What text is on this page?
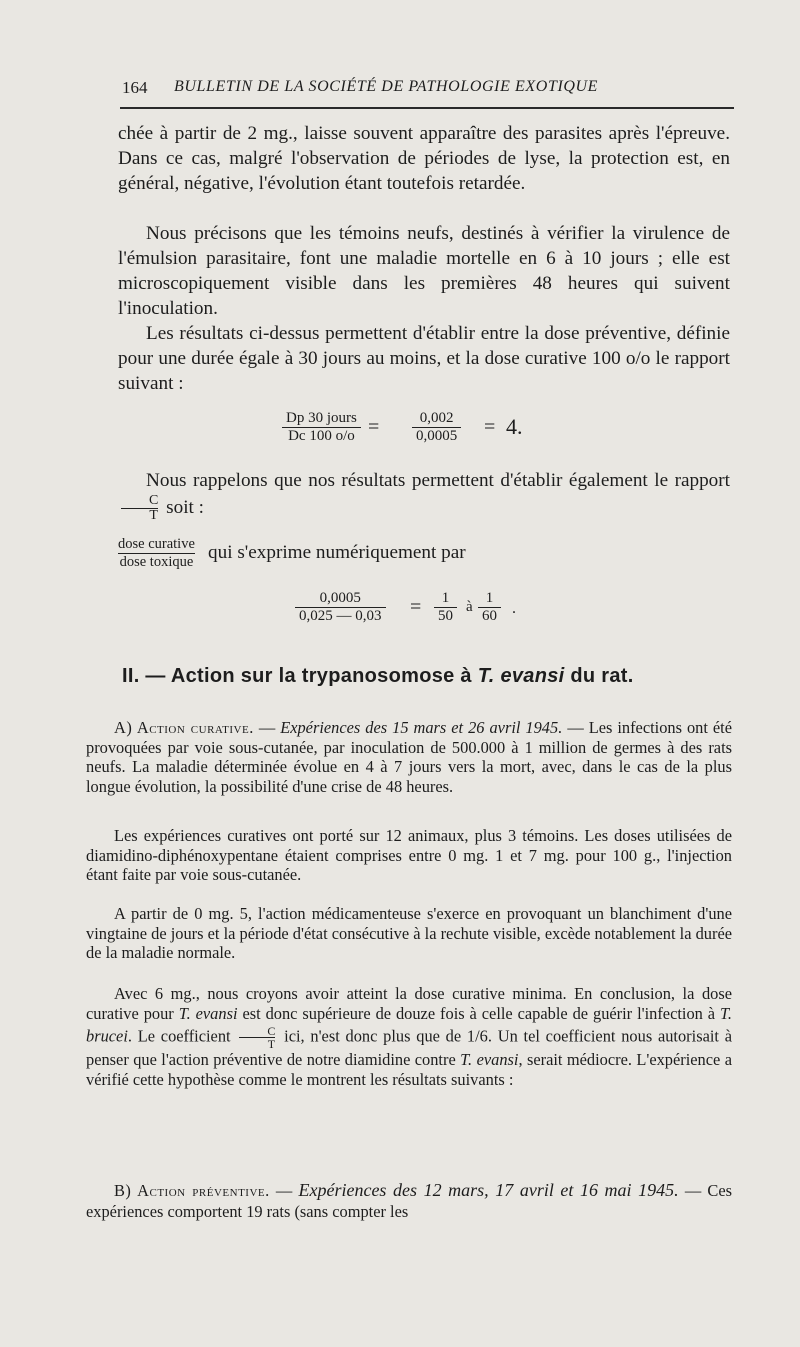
164 BULLETIN DE LA SOCIÉTÉ DE PATHOLOGIE EXOTIQUE

chée à partir de 2 mg., laisse souvent apparaître des parasites après l'épreuve. Dans ce cas, malgré l'observation de périodes de lyse, la protection est, en général, négative, l'évolution étant toutefois retardée.

Nous précisons que les témoins neufs, destinés à vérifier la virulence de l'émulsion parasitaire, font une maladie mortelle en 6 à 10 jours ; elle est microscopiquement visible dans les premières 48 heures qui suivent l'inoculation.

Les résultats ci-dessus permettent d'établir entre la dose préventive, définie pour une durée égale à 30 jours au moins, et la dose curative 100 o/o le rapport suivant :

Dp 30 jours
Dc 100 $o/o = \frac{0,002}{0,0005} = 4$.

Nous rappelons que nos résultats permettent d'établir également le rapport
$\frac{C}{T}$ soit :

dose curative
dose toxique qui s'exprime numériquement par
$\frac{0,0005}{0,025 — 0,03} = \frac{1}{50}$ à $\frac{1}{60}$ .
II. — Action sur la trypanosomose à T. evansi du rat.

A) Action curative. — Expériences des 15 mars et 26 avril 1945. — Les infections ont été provoquées par voie sous-cutanée, par inoculation de 500.000 à 1 million de germes à des rats neufs. La maladie déterminée évolue en 4 à 7 jours vers la mort, avec, dans le cas de la plus longue évolution, la possibilité d'une crise de 48 heures.

Les expériences curatives ont porté sur 12 animaux, plus 3 témoins. Les doses utilisées de diamidino-diphénoxypentane étaient comprises entre 0 mg. 1 et 7 mg. pour 100 g., l'injection étant faite par voie sous-cutanée.

A partir de 0 mg. 5, l'action médicamenteuse s'exerce en provoquant un blanchiment d'une vingtaine de jours et la période d'état consécutive à la rechute visible, excède notablement la durée de la maladie normale.

Avec 6 mg., nous croyons avoir atteint la dose curative minima. En conclusion, la dose curative pour T. evansi est donc supérieure de douze fois à celle capable de guérir l'infection à T. brucei. Le coefficient $\frac{C}{T}$ ici, n'est donc plus que de 1/6. Un tel coefficient nous autorisait à penser que l'action préventive de notre diamidine contre T. evansi, serait médiocre. L'expérience a vérifié cette hypothèse comme le montrent les résultats suivants :

B) Action préventive. — Expériences des 12 mars, 17 avril et 16 mai 1945. — Ces expériences comportent 19 rats (sans compter les
